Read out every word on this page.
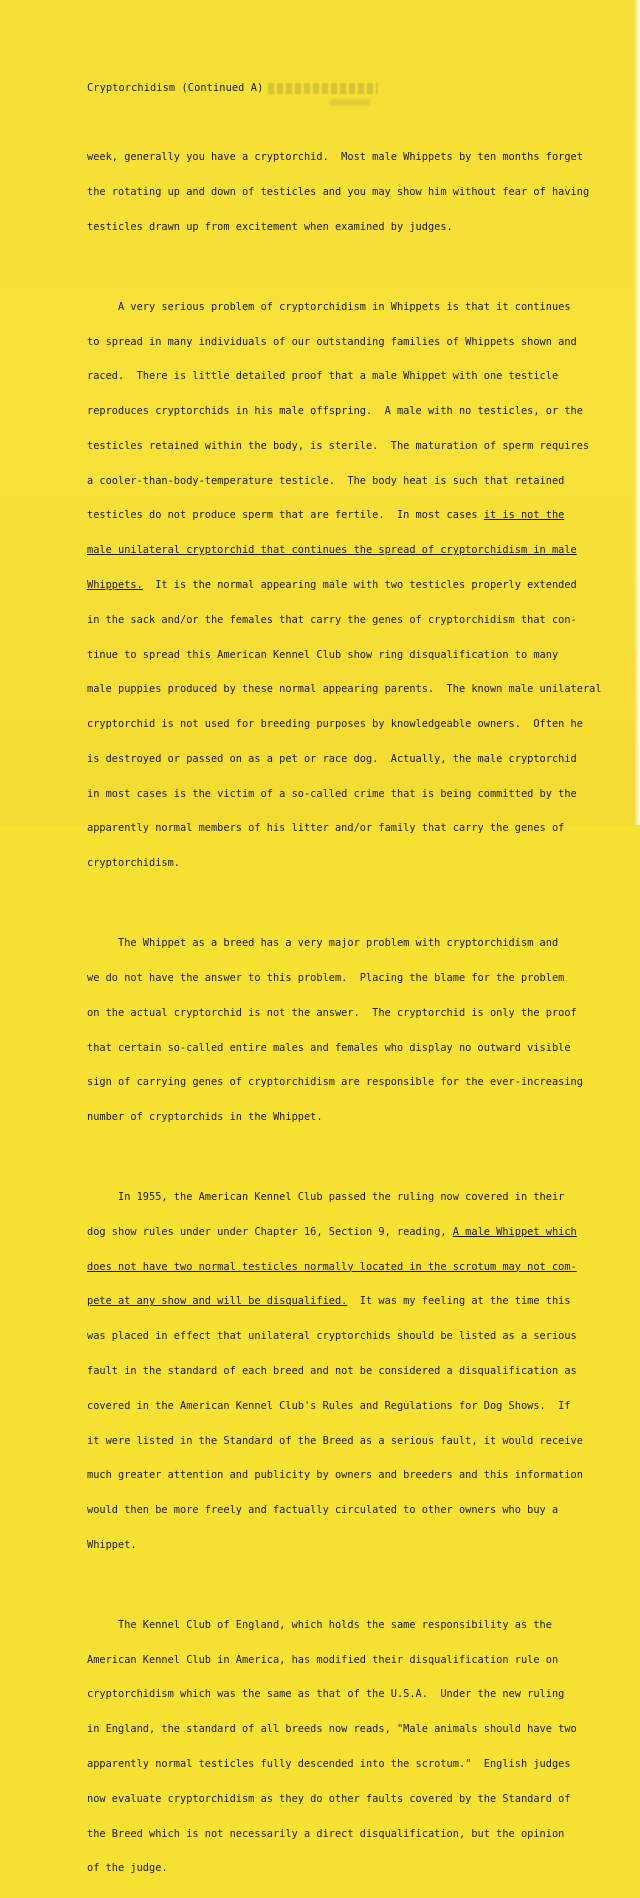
Cryptorchidism (Continued A)

week, generally you have a cryptorchid.  Most male Whippets by ten months forget

the rotating up and down of testicles and you may show him without fear of having

testicles drawn up from excitement when examined by judges.

A very serious problem of cryptorchidism in Whippets is that it continues

to spread in many individuals of our outstanding families of Whippets shown and

raced.  There is little detailed proof that a male Whippet with one testicle

reproduces cryptorchids in his male offspring.  A male with no testicles, or the

testicles retained within the body, is sterile.  The maturation of sperm requires

a cooler-than-body-temperature testicle.  The body heat is such that retained

testicles do not produce sperm that are fertile.  In most cases it is not the

male unilateral cryptorchid that continues the spread of cryptorchidism in male

Whippets.  It is the normal appearing male with two testicles properly extended

in the sack and/or the females that carry the genes of cryptorchidism that con-

tinue to spread this American Kennel Club show ring disqualification to many

male puppies produced by these normal appearing parents.  The known male unilateral

cryptorchid is not used for breeding purposes by knowledgeable owners.  Often he

is destroyed or passed on as a pet or race dog.  Actually, the male cryptorchid

in most cases is the victim of a so-called crime that is being committed by the

apparently normal members of his litter and/or family that carry the genes of

cryptorchidism.

The Whippet as a breed has a very major problem with cryptorchidism and

we do not have the answer to this problem.  Placing the blame for the problem

on the actual cryptorchid is not the answer.  The cryptorchid is only the proof

that certain so-called entire males and females who display no outward visible

sign of carrying genes of cryptorchidism are responsible for the ever-increasing

number of cryptorchids in the Whippet.

In 1955, the American Kennel Club passed the ruling now covered in their

dog show rules under under Chapter 16, Section 9, reading, A male Whippet which

does not have two normal testicles normally located in the scrotum may not com-

pete at any show and will be disqualified.  It was my feeling at the time this

was placed in effect that unilateral cryptorchids should be listed as a serious

fault in the standard of each breed and not be considered a disqualification as

covered in the American Kennel Club's Rules and Regulations for Dog Shows.  If

it were listed in the Standard of the Breed as a serious fault, it would receive

much greater attention and publicity by owners and breeders and this information

would then be more freely and factually circulated to other owners who buy a

Whippet.

The Kennel Club of England, which holds the same responsibility as the

American Kennel Club in America, has modified their disqualification rule on

cryptorchidism which was the same as that of the U.S.A.  Under the new ruling

in England, the standard of all breeds now reads, "Male animals should have two

apparently normal testicles fully descended into the scrotum."  English judges

now evaluate cryptorchidism as they do other faults covered by the Standard of

the Breed which is not necessarily a direct disqualification, but the opinion

of the judge.
